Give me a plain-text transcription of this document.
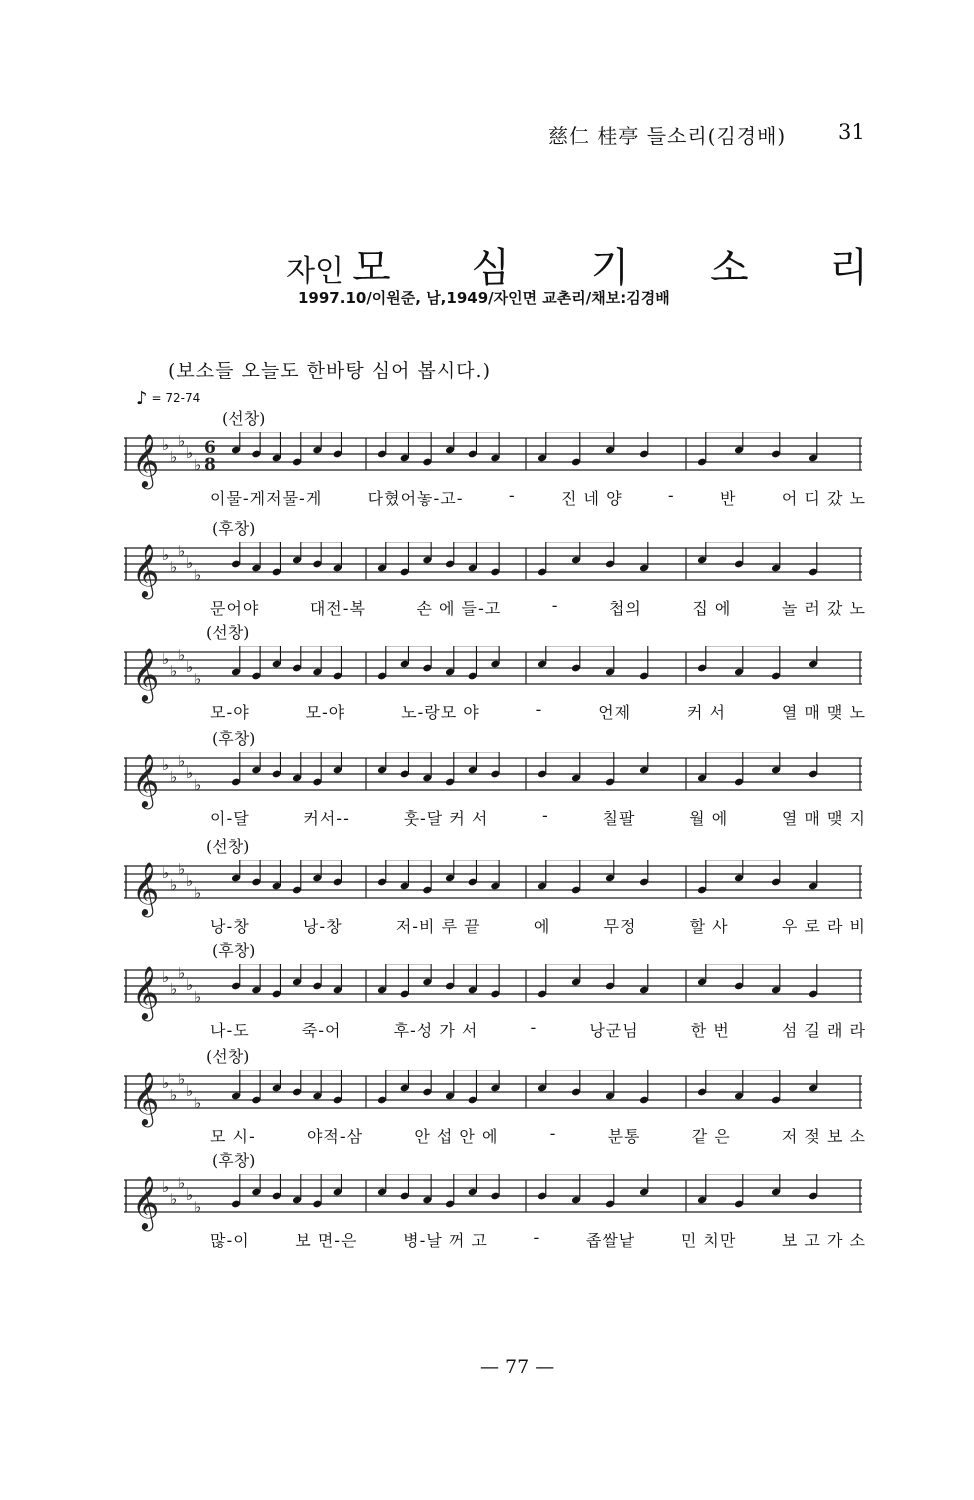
慈仁 桂亭 들소리(김경배) 31
자인 모 심 기 소 리
1997.10/이원준, 남,1949/자인면 교촌리/채보:김경배
(보소들 오늘도 한바탕 심어 봅시다.)
♪ = 72-74
(선창)
𝄞 ♭
♭
♭
♭
♭
6
8
이물-게저물-게	다혔어놓-고-	-	진 네 양	-	반	어 디 갔 노
(후창)
𝄞 ♭
♭
♭
♭
♭
문어야	대전-복	손 에 들-고	-	첩의	집 에	놀 러 갔 노
(선창)
𝄞 ♭
♭
♭
♭
♭
모-야	모-야	노-랑모 야	-	언제	커 서	열 매 맺 노
(후창)
𝄞 ♭
♭
♭
♭
♭
이-달	커서--	훗-달 커 서	-	칠팔	월 에	열 매 맺 지
(선창)
𝄞 ♭
♭
♭
♭
♭
낭-창	낭-창	저-비 루 끝	에	무정	할 사	우 로 라 비
(후창)
𝄞 ♭
♭
♭
♭
♭
나-도	죽-어	후-성 가 서	-	낭군님	한 번	섬 길 래 라
(선창)
𝄞 ♭
♭
♭
♭
♭
모 시-	야적-삼	안 섭 안 에	-	분통	같 은	저 젖 보 소
(후창)
𝄞 ♭
♭
♭
♭
♭
많-이	보 면-은	병-날 꺼 고	-	좁쌀낱	민 치만	보 고 가 소
— 77 —
